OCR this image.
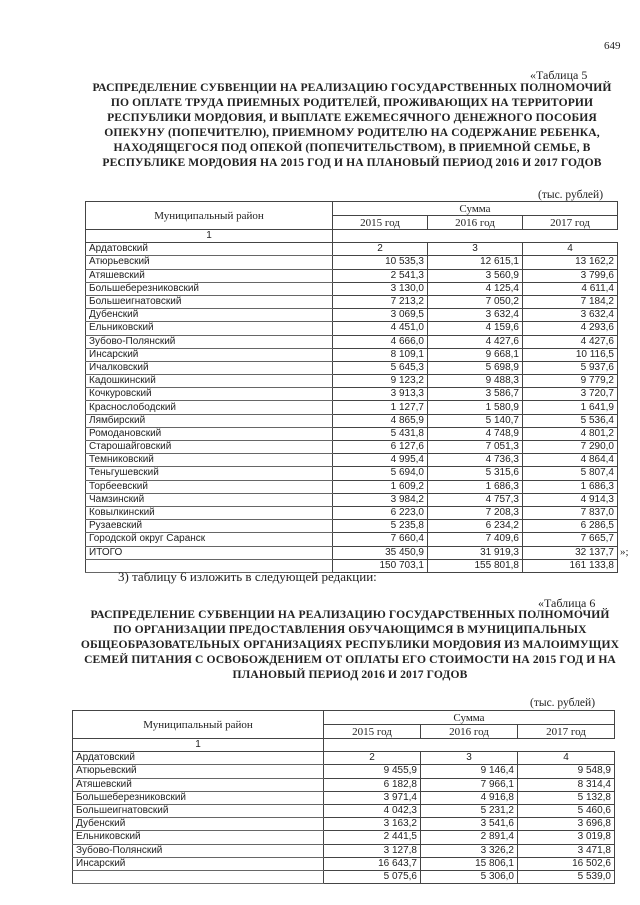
649
«Таблица 5
РАСПРЕДЕЛЕНИЕ СУБВЕНЦИИ НА РЕАЛИЗАЦИЮ ГОСУДАРСТВЕННЫХ ПОЛНОМОЧИЙ ПО ОПЛАТЕ ТРУДА ПРИЕМНЫХ РОДИТЕЛЕЙ, ПРОЖИВАЮЩИХ НА ТЕРРИТОРИИ РЕСПУБЛИКИ МОРДОВИЯ, И ВЫПЛАТЕ ЕЖЕМЕСЯЧНОГО ДЕНЕЖНОГО ПОСОБИЯ ОПЕКУНУ (ПОПЕЧИТЕЛЮ), ПРИЕМНОМУ РОДИТЕЛЮ НА СОДЕРЖАНИЕ РЕБЕНКА, НАХОДЯЩЕГОСЯ ПОД ОПЕКОЙ (ПОПЕЧИТЕЛЬСТВОМ), В ПРИЕМНОЙ СЕМЬЕ, В РЕСПУБЛИКЕ МОРДОВИЯ НА 2015 ГОД И НА ПЛАНОВЫЙ ПЕРИОД 2016 И 2017 ГОДОВ
(тыс. рублей)
Муниципальный район	Сумма		
	2015 год	2016 год	2017 год
1		
Ардатовский	2	3	4
Атюрьевский	10 535,3	12 615,1	13 162,2
Атяшевский	2 541,3	3 560,9	3 799,6
Большеберезниковский	3 130,0	4 125,4	4 611,4
Большеигнатовский	7 213,2	7 050,2	7 184,2
Дубенский	3 069,5	3 632,4	3 632,4
Ельниковский	4 451,0	4 159,6	4 293,6
Зубово-Полянский	4 666,0	4 427,6	4 427,6
Инсарский	8 109,1	9 668,1	10 116,5
Ичалковский	5 645,3	5 698,9	5 937,6
Кадошкинский	9 123,2	9 488,3	9 779,2
Кочкуровский	3 913,3	3 586,7	3 720,7
Краснослободский	1 127,7	1 580,9	1 641,9
Лямбирский	4 865,9	5 140,7	5 536,4
Ромодановский	5 431,8	4 748,9	4 801,2
Старошайговский	6 127,6	7 051,3	7 290,0
Темниковский	4 995,4	4 736,3	4 864,4
Теньгушевский	5 694,0	5 315,6	5 807,4
Торбеевский	1 609,2	1 686,3	1 686,3
Чамзинский	3 984,2	4 757,3	4 914,3
Ковылкинский	6 223,0	7 208,3	7 837,0
Рузаевский	5 235,8	6 234,2	6 286,5
Городской округ Саранск	7 660,4	7 409,6	7 665,7
ИТОГО	35 450,9	31 919,3	32 137,7
	150 703,1	155 801,8	161 133,8
»;
3) таблицу 6 изложить в следующей редакции:
«Таблица 6
РАСПРЕДЕЛЕНИЕ СУБВЕНЦИИ НА РЕАЛИЗАЦИЮ ГОСУДАРСТВЕННЫХ ПОЛНОМОЧИЙ ПО ОРГАНИЗАЦИИ ПРЕДОСТАВЛЕНИЯ ОБУЧАЮЩИМСЯ В МУНИЦИПАЛЬНЫХ ОБЩЕОБРАЗОВАТЕЛЬНЫХ ОРГАНИЗАЦИЯХ РЕСПУБЛИКИ МОРДОВИЯ ИЗ МАЛОИМУЩИХ СЕМЕЙ ПИТАНИЯ С ОСВОБОЖДЕНИЕМ ОТ ОПЛАТЫ ЕГО СТОИМОСТИ НА 2015 ГОД И НА ПЛАНОВЫЙ ПЕРИОД 2016 И 2017 ГОДОВ
(тыс. рублей)
Муниципальный район	Сумма		
	2015 год	2016 год	2017 год
1		
Ардатовский	2	3	4
Атюрьевский	9 455,9	9 146,4	9 548,9
Атяшевский	6 182,8	7 966,1	8 314,4
Большеберезниковский	3 971,4	4 916,8	5 132,8
Большеигнатовский	4 042,3	5 231,2	5 460,6
Дубенский	3 163,2	3 541,6	3 696,8
Ельниковский	2 441,5	2 891,4	3 019,8
Зубово-Полянский	3 127,8	3 326,2	3 471,8
Инсарский	16 643,7	15 806,1	16 502,6
	5 075,6	5 306,0	5 539,0
